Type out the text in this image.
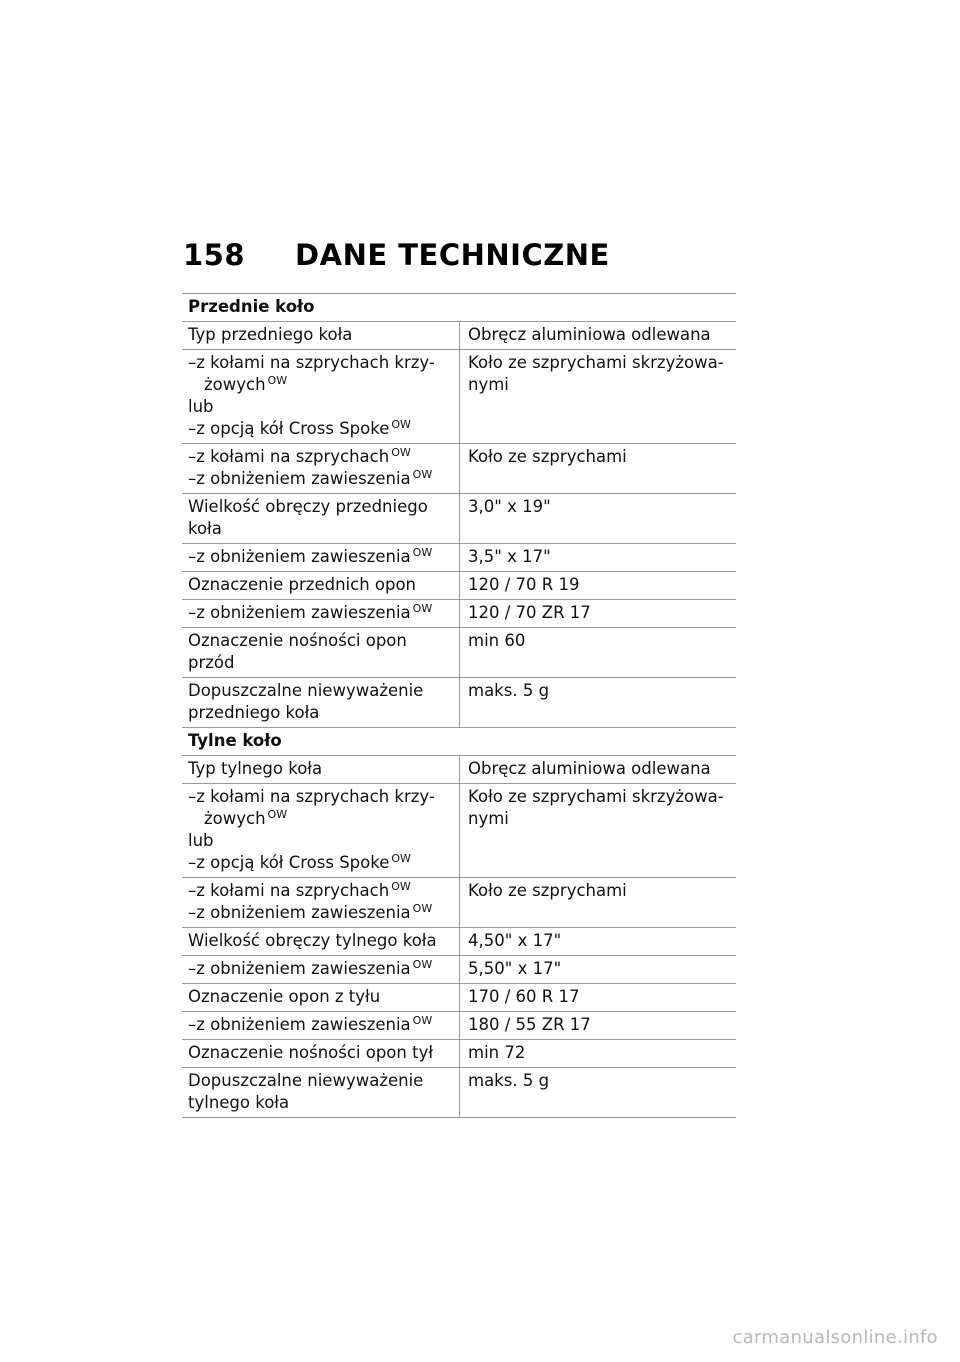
158 DANE TECHNICZNE
Przednie koło	
Typ przedniego koła	Obręcz aluminiowa odlewana

–z kołami na szprychach krzy-
żowych $^{OW}$
lub
–z opcją kół Cross Spoke $^{OW}$	Koło ze szprychami skrzyżowa-nymi

–z kołami na szprychach $^{OW}$
–z obniżeniem zawieszenia $^{OW}$	Koło ze szprychami
Wielkość obręczy przedniego koła	3,0" x 19"
–z obniżeniem zawieszenia $^{OW}$	3,5" x 17"
Oznaczenie przednich opon	120 / 70 R 19
–z obniżeniem zawieszenia $^{OW}$	120 / 70 ZR 17
Oznaczenie nośności opon przód	min 60
Dopuszczalne niewyważenie przedniego koła	maks. 5 g
Tylne koło	
Typ tylnego koła	Obręcz aluminiowa odlewana

–z kołami na szprychach krzy-
żowych $^{OW}$
lub
–z opcją kół Cross Spoke $^{OW}$	Koło ze szprychami skrzyżowa-nymi

–z kołami na szprychach $^{OW}$
–z obniżeniem zawieszenia $^{OW}$	Koło ze szprychami
Wielkość obręczy tylnego koła	4,50" x 17"
–z obniżeniem zawieszenia $^{OW}$	5,50" x 17"
Oznaczenie opon z tyłu	170 / 60 R 17
–z obniżeniem zawieszenia $^{OW}$	180 / 55 ZR 17
Oznaczenie nośności opon tył	min 72
Dopuszczalne niewyważenie tylnego koła	maks. 5 g
carmanualsonline.info
